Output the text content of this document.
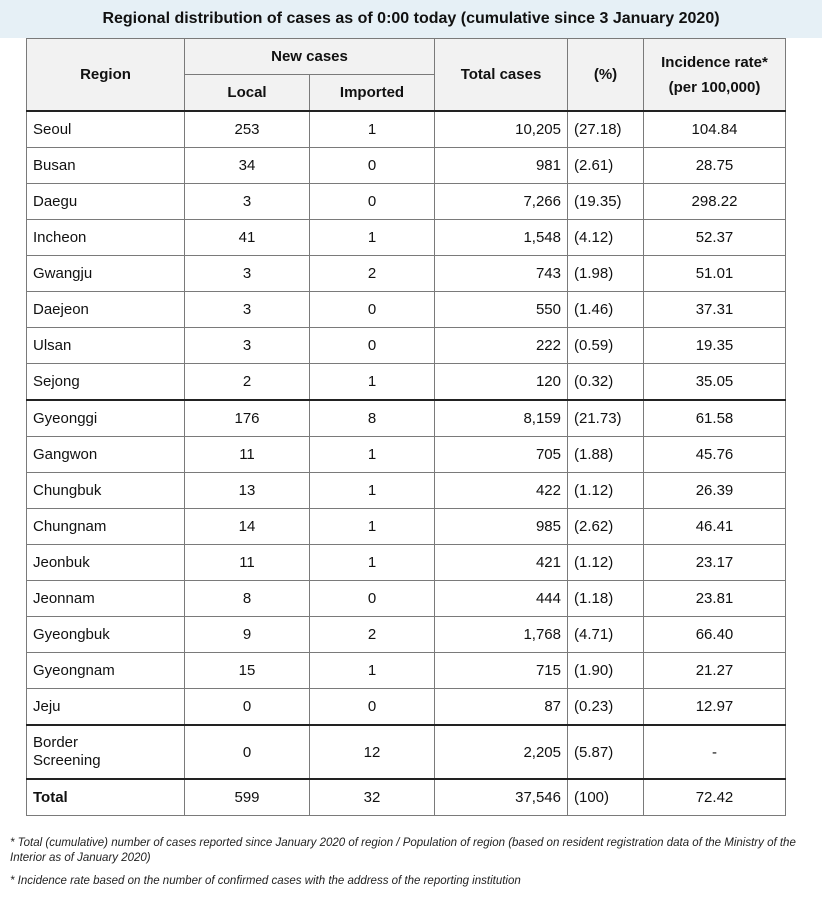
Regional distribution of cases as of 0:00 today (cumulative since 3 January 2020)
Region	New cases		Total cases	(%)	Incidence rate*
(per 100,000)

	Local	Imported			
Seoul	253	1	10,205	(27.18)	104.84
Busan	34	0	981	(2.61)	28.75
Daegu	3	0	7,266	(19.35)	298.22
Incheon	41	1	1,548	(4.12)	52.37
Gwangju	3	2	743	(1.98)	51.01
Daejeon	3	0	550	(1.46)	37.31
Ulsan	3	0	222	(0.59)	19.35
Sejong	2	1	120	(0.32)	35.05
Gyeonggi	176	8	8,159	(21.73)	61.58
Gangwon	11	1	705	(1.88)	45.76
Chungbuk	13	1	422	(1.12)	26.39
Chungnam	14	1	985	(2.62)	46.41
Jeonbuk	11	1	421	(1.12)	23.17
Jeonnam	8	0	444	(1.18)	23.81
Gyeongbuk	9	2	1,768	(4.71)	66.40
Gyeongnam	15	1	715	(1.90)	21.27
Jeju	0	0	87	(0.23)	12.97

Border
Screening	0	12	2,205	(5.87)	-
Total	599	32	37,546	(100)	72.42

* Total (cumulative) number of cases reported since January 2020 of region / Population of region (based on resident registration data of the Ministry of the Interior as of January 2020)

* Incidence rate based on the number of confirmed cases with the address of the reporting institution
